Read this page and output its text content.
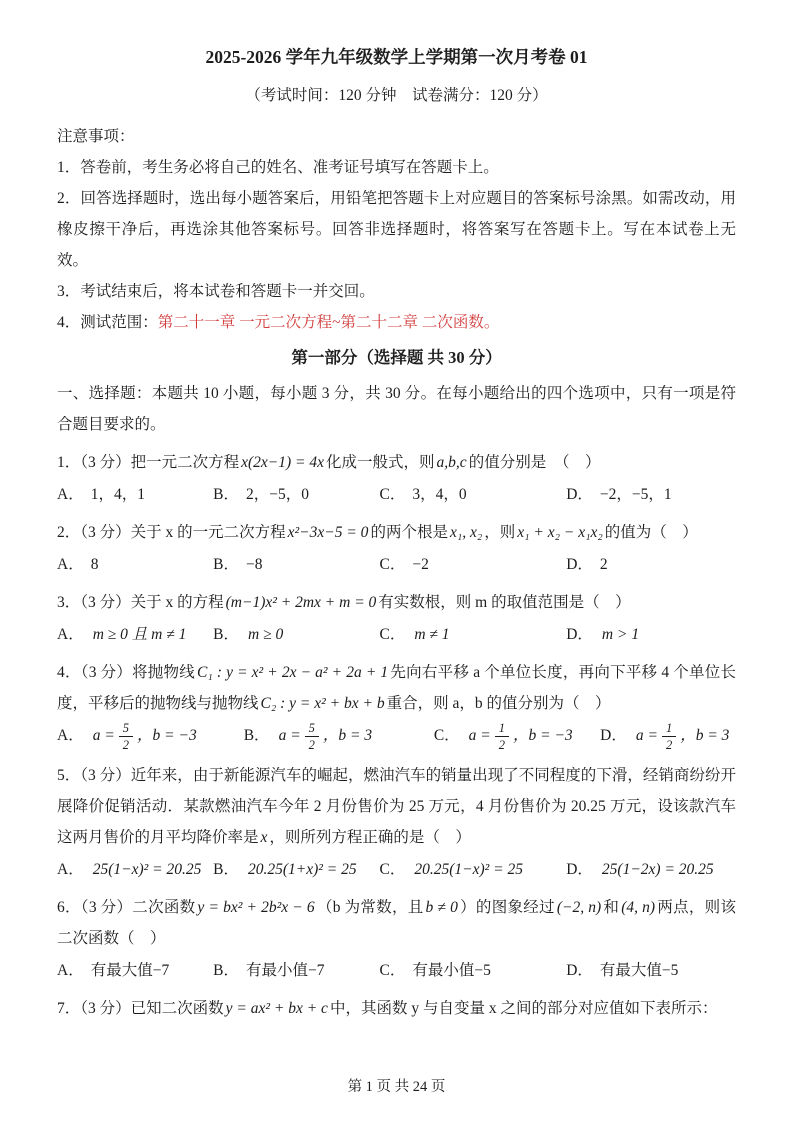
2025-2026 学年九年级数学上学期第一次月考卷 01
（考试时间：120 分钟　试卷满分：120 分）
注意事项：
1．答卷前，考生务必将自己的姓名、准考证号填写在答题卡上。
2．回答选择题时，选出每小题答案后，用铅笔把答题卡上对应题目的答案标号涂黑。如需改动，用橡皮擦干净后，再选涂其他答案标号。回答非选择题时，将答案写在答题卡上。写在本试卷上无效。
3．考试结束后，将本试卷和答题卡一并交回。
4．测试范围：第二十一章 一元二次方程~第二十二章 二次函数。
第一部分（选择题 共 30 分）
一、选择题：本题共 10 小题，每小题 3 分，共 30 分。在每小题给出的四个选项中，只有一项是符合题目要求的。
1．（3 分）把一元二次方程 x(2x−1) = 4x 化成一般式，则 a,b,c 的值分别是　（　）
A． 1，4，1	B． 2，−5，0	C． 3，4，0	D． −2，−5，1
2．（3 分）关于 x 的一元二次方程 x²−3x−5 = 0 的两个根是 x₁, x₂ ，则 x₁ + x₂ − x₁x₂ 的值为（　）
A． 8	B． −8	C． −2	D． 2
3．（3 分）关于 x 的方程 (m−1)x² + 2mx + m = 0 有实数根，则 m 的取值范围是（　）
A． m ≥ 0 且 m ≠ 1	B． m ≥ 0	C． m ≠ 1	D． m > 1
4．（3 分）将抛物线 C₁ : y = x² + 2x − a² + 2a + 1 先向右平移 a 个单位长度，再向下平移 4 个单位长度，平移后的抛物线与抛物线 C₂ : y = x² + bx + b 重合，则 a，b 的值分别为（　）
A． $a = \frac{5}{2}$ ，b = −3	B． $a = \frac{5}{2}$ ，b = 3	C． $a = \frac{1}{2}$ ，b = −3	D． $a = \frac{1}{2}$ ，b = 3
5．（3 分）近年来，由于新能源汽车的崛起，燃油汽车的销量出现了不同程度的下滑，经销商纷纷开展降价促销活动．某款燃油汽车今年 2 月份售价为 25 万元，4 月份售价为 20.25 万元，设该款汽车这两月售价的月平均降价率是 x ，则所列方程正确的是（　）
A． 25(1−x)² = 20.25 B． 20.25(1+x)² = 25	C． 20.25(1−x)² = 25	D． 25(1−2x) = 20.25
6．（3 分）二次函数 y = bx² + 2b²x − 6 （b 为常数，且 b ≠ 0 ）的图象经过 (−2, n) 和 (4, n) 两点，则该二次函数（　）
A． 有最大值−7	B． 有最小值−7	C． 有最小值−5	D． 有最大值−5
7．（3 分）已知二次函数 y = ax² + bx + c 中，其函数 y 与自变量 x 之间的部分对应值如下表所示：
第 1 页 共 24 页
